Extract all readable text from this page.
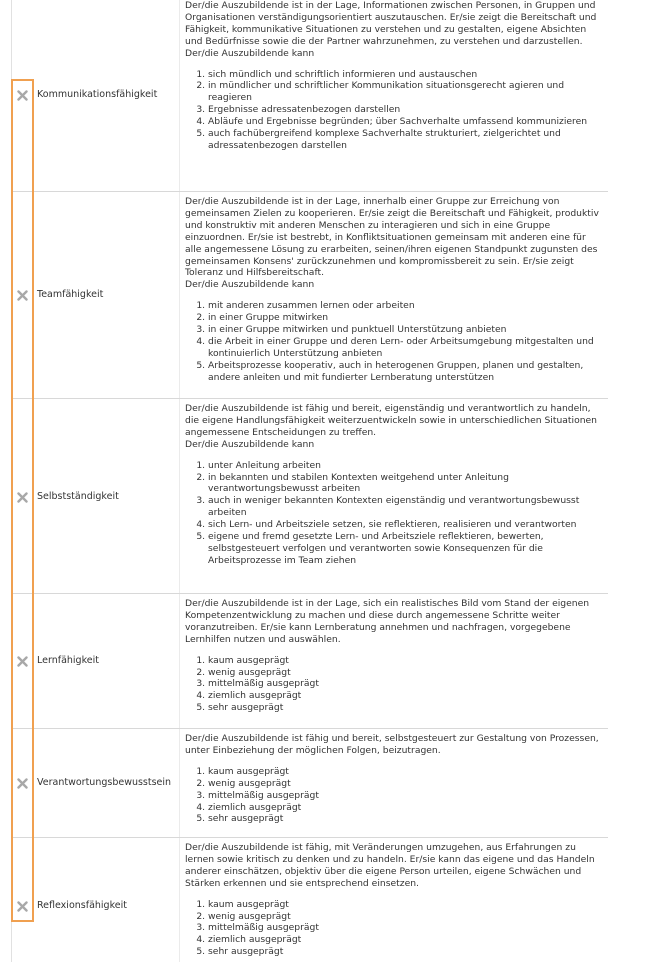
Kommunikationsfähigkeit

Der/die Auszubildende ist in der Lage, Informationen zwischen Personen, in Gruppen und Organisationen verständigungsorientiert auszutauschen. Er/sie zeigt die Bereitschaft und Fähigkeit, kommunikative Situationen zu verstehen und zu gestalten, eigene Absichten und Bedürfnisse sowie die der Partner wahrzunehmen, zu verstehen und darzustellen.

Der/die Auszubildende kann

1. sich mündlich und schriftlich informieren und austauschen
2. in mündlicher und schriftlicher Kommunikation situationsgerecht agieren und reagieren
3. Ergebnisse adressatenbezogen darstellen
4. Abläufe und Ergebnisse begründen; über Sachverhalte umfassend kommunizieren
5. auch fachübergreifend komplexe Sachverhalte strukturiert, zielgerichtet und adressatenbezogen darstellen
Teamfähigkeit

Der/die Auszubildende ist in der Lage, innerhalb einer Gruppe zur Erreichung von gemeinsamen Zielen zu kooperieren. Er/sie zeigt die Bereitschaft und Fähigkeit, produktiv und konstruktiv mit anderen Menschen zu interagieren und sich in eine Gruppe einzuordnen. Er/sie ist bestrebt, in Konfliktsituationen gemeinsam mit anderen eine für alle angemessene Lösung zu erarbeiten, seinen/ihren eigenen Standpunkt zugunsten des gemeinsamen Konsens' zurückzunehmen und kompromissbereit zu sein. Er/sie zeigt Toleranz und Hilfsbereitschaft.

Der/die Auszubildende kann

1. mit anderen zusammen lernen oder arbeiten
2. in einer Gruppe mitwirken
3. in einer Gruppe mitwirken und punktuell Unterstützung anbieten
4. die Arbeit in einer Gruppe und deren Lern- oder Arbeitsumgebung mitgestalten und kontinuierlich Unterstützung anbieten
5. Arbeitsprozesse kooperativ, auch in heterogenen Gruppen, planen und gestalten, andere anleiten und mit fundierter Lernberatung unterstützen
Selbstständigkeit

Der/die Auszubildende ist fähig und bereit, eigenständig und verantwortlich zu handeln, die eigene Handlungsfähigkeit weiterzuentwickeln sowie in unterschiedlichen Situationen angemessene Entscheidungen zu treffen.

Der/die Auszubildende kann

1. unter Anleitung arbeiten
2. in bekannten und stabilen Kontexten weitgehend unter Anleitung verantwortungsbewusst arbeiten
3. auch in weniger bekannten Kontexten eigenständig und verantwortungsbewusst arbeiten
4. sich Lern- und Arbeitsziele setzen, sie reflektieren, realisieren und verantworten
5. eigene und fremd gesetzte Lern- und Arbeitsziele reflektieren, bewerten, selbstgesteuert verfolgen und verantworten sowie Konsequenzen für die Arbeitsprozesse im Team ziehen
Lernfähigkeit

Der/die Auszubildende ist in der Lage, sich ein realistisches Bild vom Stand der eigenen Kompetenzentwicklung zu machen und diese durch angemessene Schritte weiter voranzutreiben. Er/sie kann Lernberatung annehmen und nachfragen, vorgegebene Lernhilfen nutzen und auswählen.

1. kaum ausgeprägt
2. wenig ausgeprägt
3. mittelmäßig ausgeprägt
4. ziemlich ausgeprägt
5. sehr ausgeprägt
Verantwortungsbewusstsein

Der/die Auszubildende ist fähig und bereit, selbstgesteuert zur Gestaltung von Prozessen, unter Einbeziehung der möglichen Folgen, beizutragen.

1. kaum ausgeprägt
2. wenig ausgeprägt
3. mittelmäßig ausgeprägt
4. ziemlich ausgeprägt
5. sehr ausgeprägt
Reflexionsfähigkeit

Der/die Auszubildende ist fähig, mit Veränderungen umzugehen, aus Erfahrungen zu lernen sowie kritisch zu denken und zu handeln. Er/sie kann das eigene und das Handeln anderer einschätzen, objektiv über die eigene Person urteilen, eigene Schwächen und Stärken erkennen und sie entsprechend einsetzen.

1. kaum ausgeprägt
2. wenig ausgeprägt
3. mittelmäßig ausgeprägt
4. ziemlich ausgeprägt
5. sehr ausgeprägt
